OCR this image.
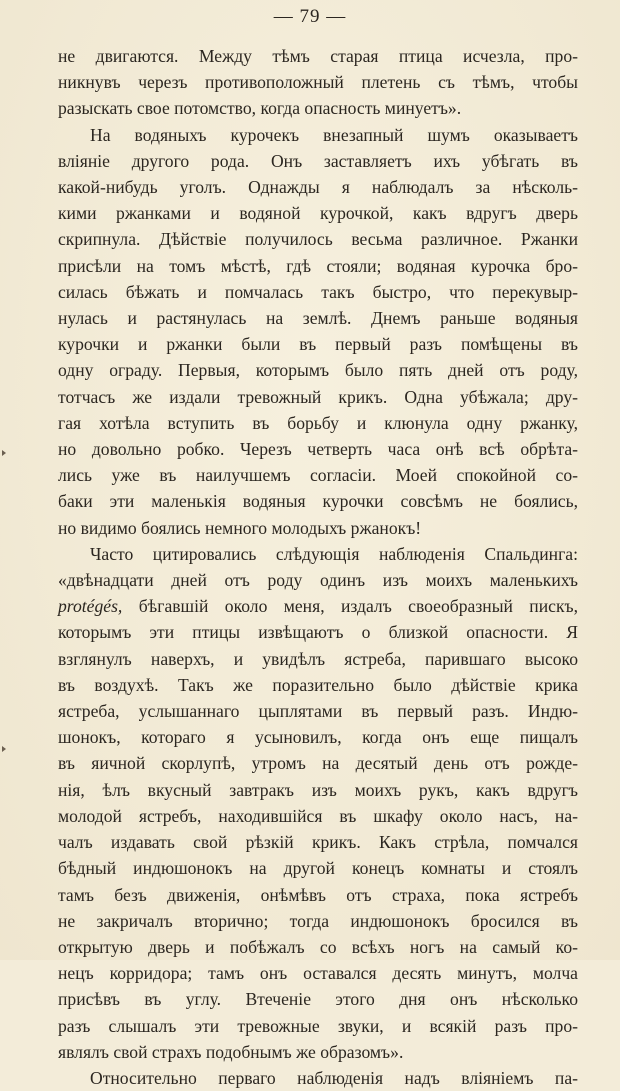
— 79 —
не двигаются. Между тѣмъ старая птица исчезла, про-
никнувъ черезъ противоположный плетень съ тѣмъ, чтобы
разыскать свое потомство, когда опасность минуетъ».
На водяныхъ курочекъ внезапный шумъ оказываетъ
вліяніе другого рода. Онъ заставляетъ ихъ убѣгать въ
какой-нибудь уголъ. Однажды я наблюдалъ за нѣсколь-
кими ржанками и водяной курочкой, какъ вдругъ дверь
скрипнула. Дѣйствіе получилось весьма различное. Ржанки
присѣли на томъ мѣстѣ, гдѣ стояли; водяная курочка бро-
силась бѣжать и помчалась такъ быстро, что перекувыр-
нулась и растянулась на землѣ. Днемъ раньше водяныя
курочки и ржанки были въ первый разъ помѣщены въ
одну ограду. Первыя, которымъ было пять дней отъ роду,
тотчасъ же издали тревожный крикъ. Одна убѣжала; дру-
гая хотѣла вступить въ борьбу и клюнула одну ржанку,
но довольно робко. Черезъ четверть часа онѣ всѣ обрѣта-
лись уже въ наилучшемъ согласіи. Моей спокойной со-
баки эти маленькія водяныя курочки совсѣмъ не боялись,
но видимо боялись немного молодыхъ ржанокъ!
Часто цитировались слѣдующія наблюденія Спальдинга:
«двѣнадцати дней отъ роду одинъ изъ моихъ маленькихъ
protégés, бѣгавшій около меня, издалъ своеобразный пискъ,
которымъ эти птицы извѣщаютъ о близкой опасности. Я
взглянулъ наверхъ, и увидѣлъ ястреба, парившаго высоко
въ воздухѣ. Такъ же поразительно было дѣйствіе крика
ястреба, услышаннаго цыплятами въ первый разъ. Индю-
шонокъ, котораго я усыновилъ, когда онъ еще пищалъ
въ яичной скорлупѣ, утромъ на десятый день отъ рожде-
нія, ѣлъ вкусный завтракъ изъ моихъ рукъ, какъ вдругъ
молодой ястребъ, находившійся въ шкафу около насъ, на-
чалъ издавать свой рѣзкій крикъ. Какъ стрѣла, помчался
бѣдный индюшонокъ на другой конецъ комнаты и стоялъ
тамъ безъ движенія, онѣмѣвъ отъ страха, пока ястребъ
не закричалъ вторично; тогда индюшонокъ бросился въ
открытую дверь и побѣжалъ со всѣхъ ногъ на самый ко-
нецъ корридора; тамъ онъ оставался десять минутъ, молча
присѣвъ въ углу. Втеченіе этого дня онъ нѣсколько
разъ слышалъ эти тревожные звуки, и всякій разъ про-
являлъ свой страхъ подобнымъ же образомъ».
Относительно перваго наблюденія надъ вліяніемъ па-
